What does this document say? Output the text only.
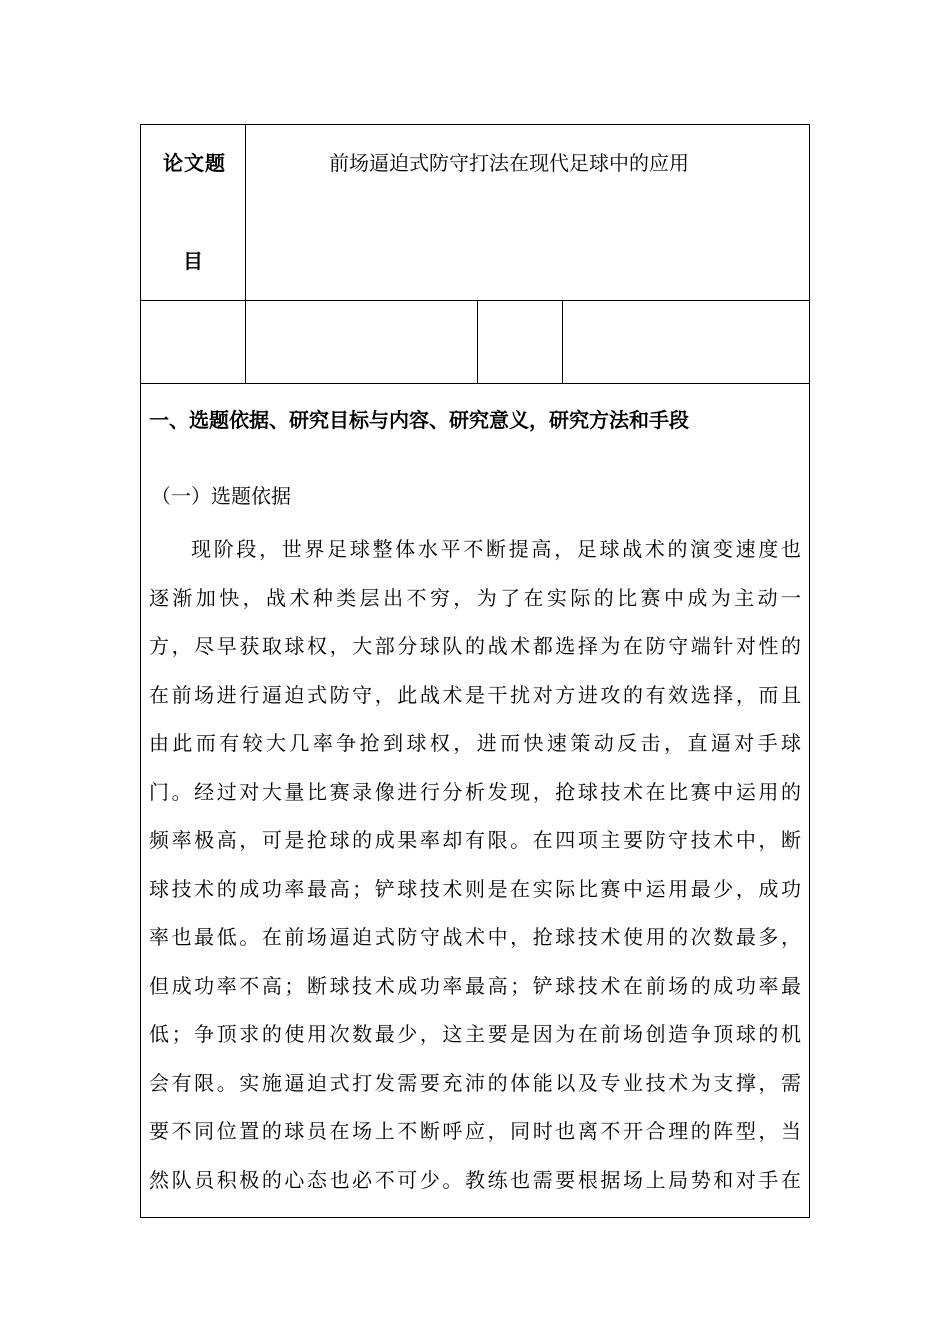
论文题
目
前场逼迫式防守打法在现代足球中的应用
一、选题依据、研究目标与内容、研究意义，研究方法和手段
（一）选题依据
现阶段，世界足球整体水平不断提高，足球战术的演变速度也
逐渐加快，战术种类层出不穷，为了在实际的比赛中成为主动一
方，尽早获取球权，大部分球队的战术都选择为在防守端针对性的
在前场进行逼迫式防守，此战术是干扰对方进攻的有效选择，而且
由此而有较大几率争抢到球权，进而快速策动反击，直逼对手球
门。经过对大量比赛录像进行分析发现，抢球技术在比赛中运用的
频率极高，可是抢球的成果率却有限。在四项主要防守技术中，断
球技术的成功率最高；铲球技术则是在实际比赛中运用最少，成功
率也最低。在前场逼迫式防守战术中，抢球技术使用的次数最多，
但成功率不高；断球技术成功率最高；铲球技术在前场的成功率最
低；争顶求的使用次数最少，这主要是因为在前场创造争顶球的机
会有限。实施逼迫式打发需要充沛的体能以及专业技术为支撑，需
要不同位置的球员在场上不断呼应，同时也离不开合理的阵型，当
然队员积极的心态也必不可少。教练也需要根据场上局势和对手在
